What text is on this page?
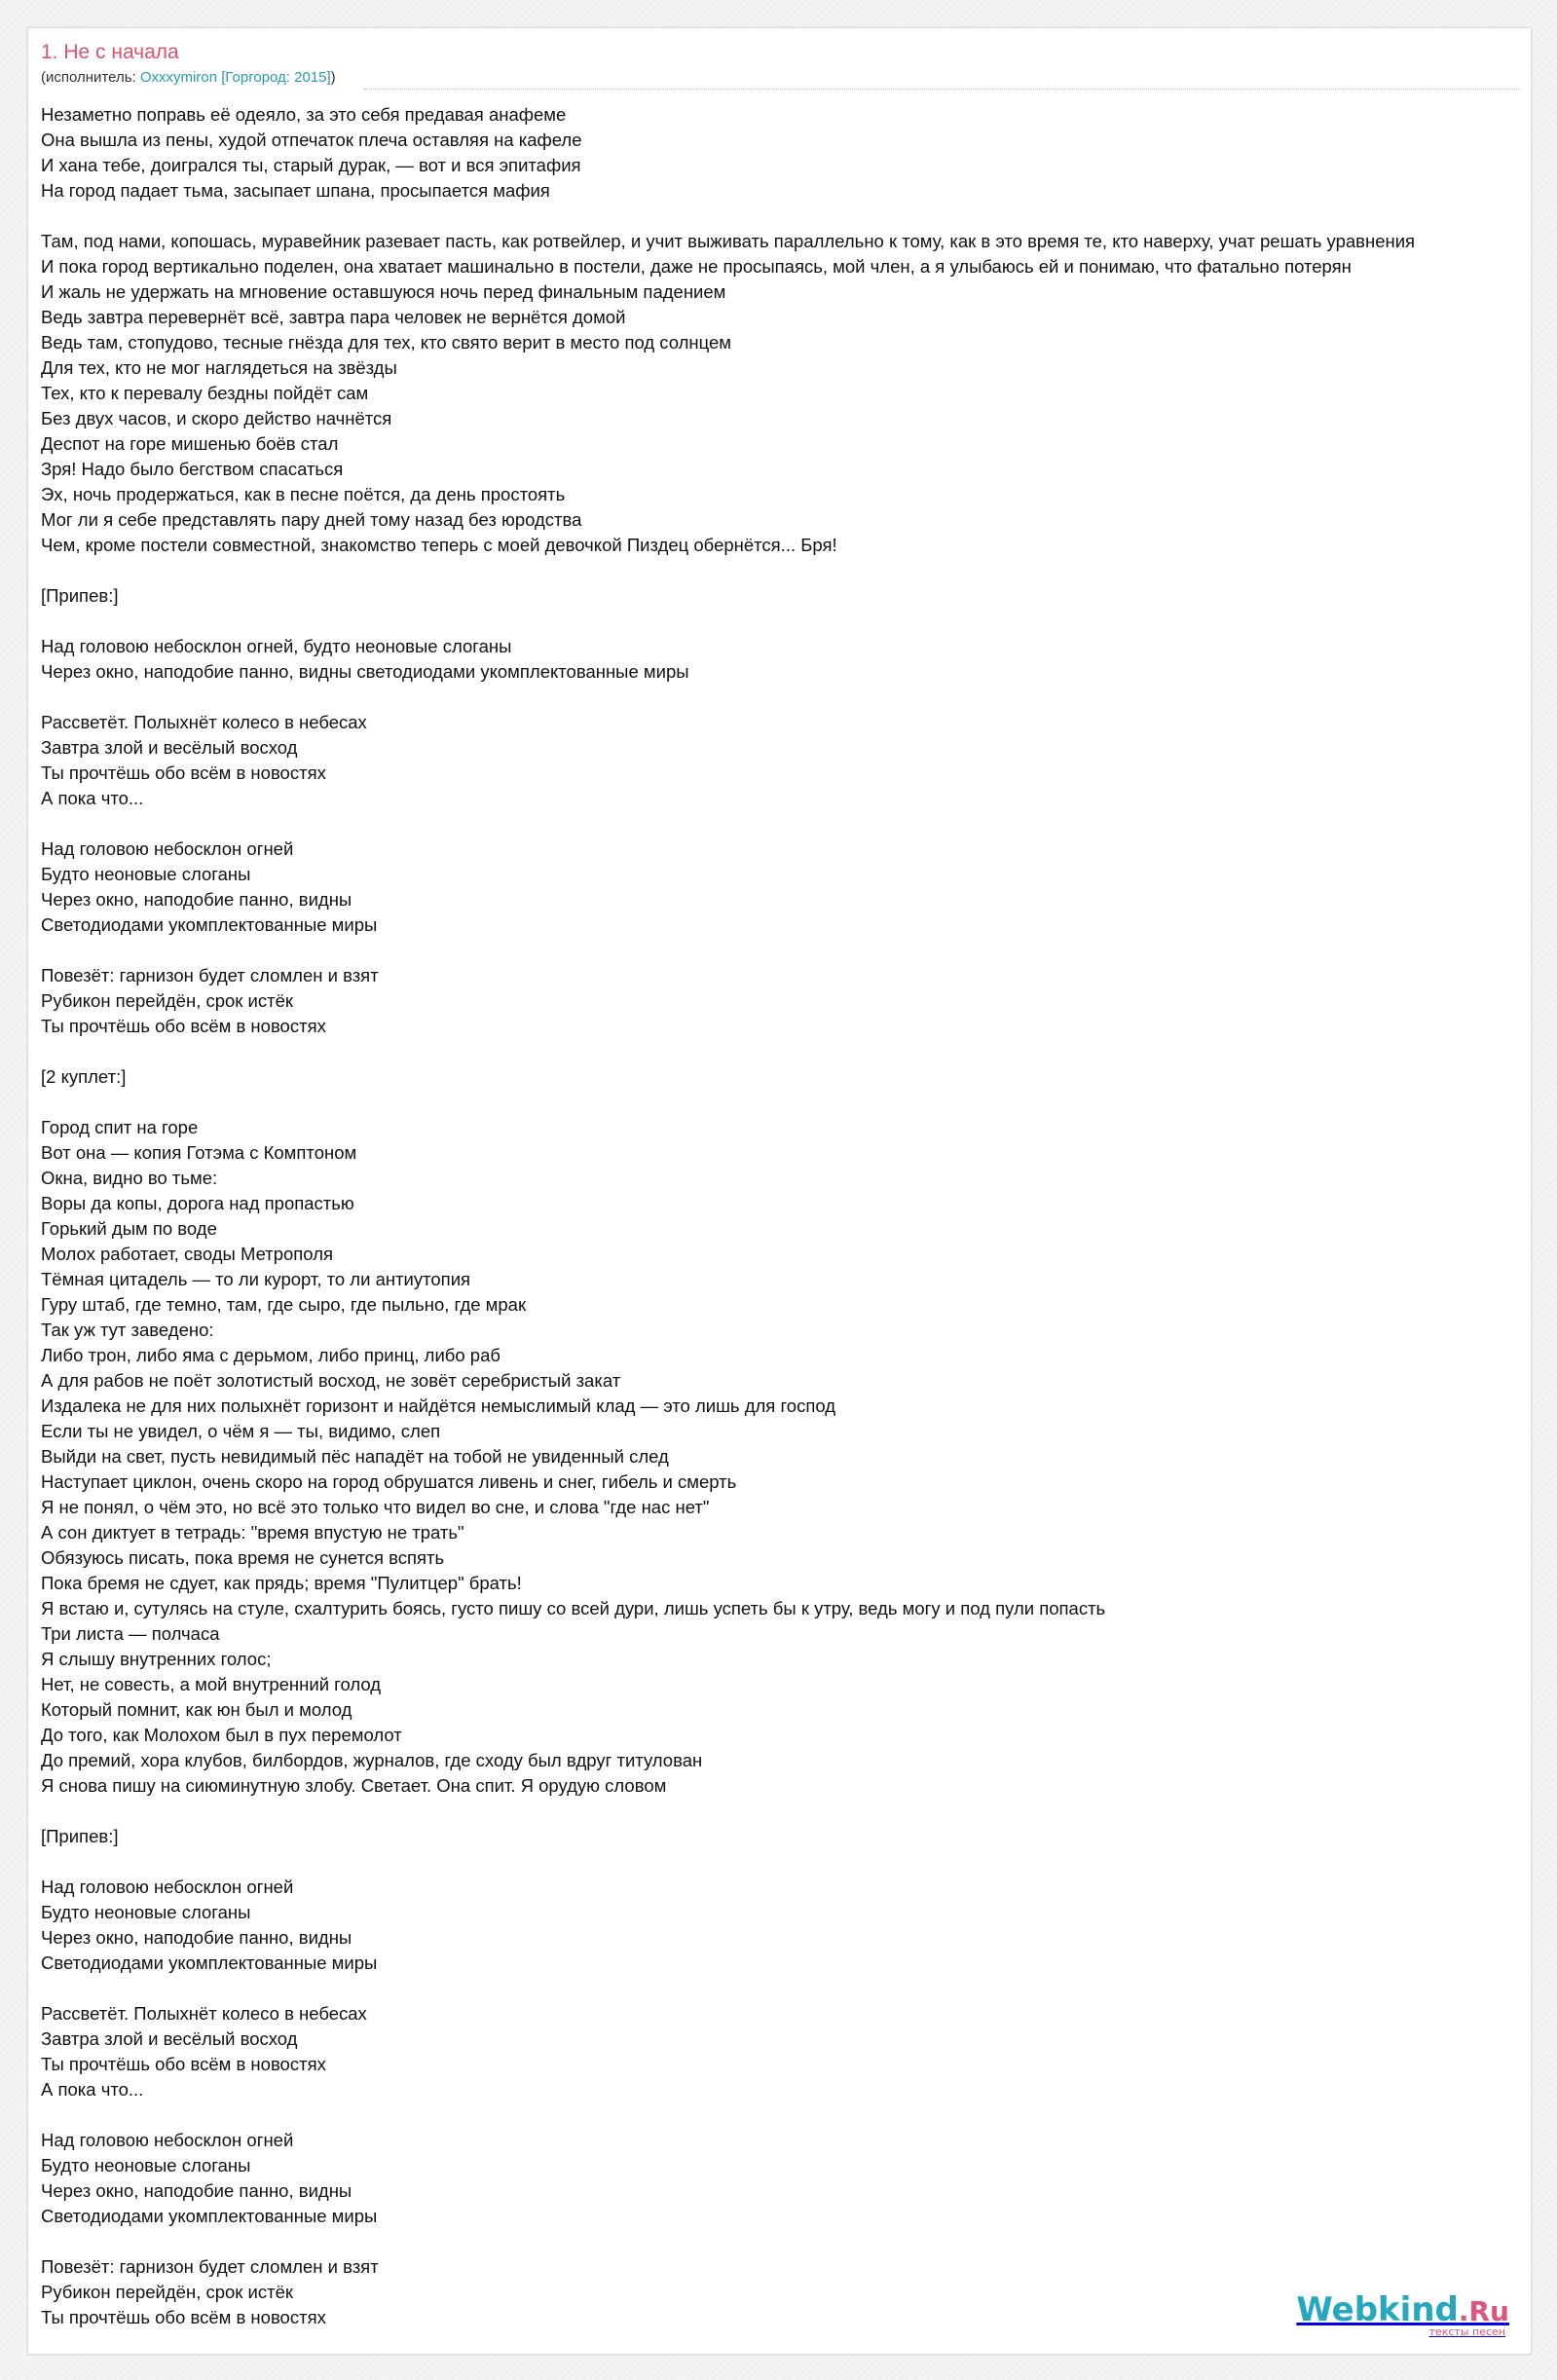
1. Не с начала
(исполнитель: Oxxxymiron [Горгород: 2015])
Незаметно поправь её одеяло, за это себя предавая анафеме
Она вышла из пены, худой отпечаток плеча оставляя на кафеле
И хана тебе, доигрался ты, старый дурак, — вот и вся эпитафия
На город падает тьма, засыпает шпана, просыпается мафия
Там, под нами, копошась, муравейник разевает пасть, как ротвейлер, и учит выживать параллельно к тому, как в это время те, кто наверху, учат решать уравнения
И пока город вертикально поделен, она хватает машинально в постели, даже не просыпаясь, мой член, а я улыбаюсь ей и понимаю, что фатально потерян
И жаль не удержать на мгновение оставшуюся ночь перед финальным падением
Ведь завтра перевернёт всё, завтра пара человек не вернётся домой
Ведь там, стопудово, тесные гнёзда для тех, кто свято верит в место под солнцем
Для тех, кто не мог наглядеться на звёзды
Тех, кто к перевалу бездны пойдёт сам
Без двух часов, и скоро действо начнётся
Деспот на горе мишенью боёв стал
Зря! Надо было бегством спасаться
Эх, ночь продержаться, как в песне поётся, да день простоять
Мог ли я себе представлять пару дней тому назад без юродства
Чем, кроме постели совместной, знакомство теперь с моей девочкой Пиздец обернётся... Бря!
[Припев:]
Над головою небосклон огней, будто неоновые слоганы
Через окно, наподобие панно, видны светодиодами укомплектованные миры
Рассветёт. Полыхнёт колесо в небесах
Завтра злой и весёлый восход
Ты прочтёшь обо всём в новостях
А пока что...
Над головою небосклон огней
Будто неоновые слоганы
Через окно, наподобие панно, видны
Светодиодами укомплектованные миры
Повезёт: гарнизон будет сломлен и взят
Рубикон перейдён, срок истёк
Ты прочтёшь обо всём в новостях
[2 куплет:]
Город спит на горе
Вот она — копия Готэма с Комптоном
Окна, видно во тьме:
Воры да копы, дорога над пропастью
Горький дым по воде
Молох работает, своды Метрополя
Тёмная цитадель — то ли курорт, то ли антиутопия
Гуру штаб, где темно, там, где сыро, где пыльно, где мрак
Так уж тут заведено:
Либо трон, либо яма с дерьмом, либо принц, либо раб
А для рабов не поёт золотистый восход, не зовёт серебристый закат
Издалека не для них полыхнёт горизонт и найдётся немыслимый клад — это лишь для господ
Если ты не увидел, о чём я — ты, видимо, слеп
Выйди на свет, пусть невидимый пёс нападёт на тобой не увиденный след
Наступает циклон, очень скоро на город обрушатся ливень и снег, гибель и смерть
Я не понял, о чём это, но всё это только что видел во сне, и слова "где нас нет"
А сон диктует в тетрадь: "время впустую не трать"
Обязуюсь писать, пока время не сунется вспять
Пока бремя не сдует, как прядь; время "Пулитцер" брать!
Я встаю и, сутулясь на стуле, схалтурить боясь, густо пишу со всей дури, лишь успеть бы к утру, ведь могу и под пули попасть
Три листа — полчаса
Я слышу внутренних голос;
Нет, не совесть, а мой внутренний голод
Который помнит, как юн был и молод
До того, как Молохом был в пух перемолот
До премий, хора клубов, билбордов, журналов, где сходу был вдруг титулован
Я снова пишу на сиюминутную злобу. Светает. Она спит. Я орудую словом
[Припев:]
Над головою небосклон огней
Будто неоновые слоганы
Через окно, наподобие панно, видны
Светодиодами укомплектованные миры
Рассветёт. Полыхнёт колесо в небесах
Завтра злой и весёлый восход
Ты прочтёшь обо всём в новостях
А пока что...
Над головою небосклон огней
Будто неоновые слоганы
Через окно, наподобие панно, видны
Светодиодами укомплектованные миры
Повезёт: гарнизон будет сломлен и взят
Рубикон перейдён, срок истёк
Ты прочтёшь обо всём в новостях	Webkind.Ru
тексты песен
